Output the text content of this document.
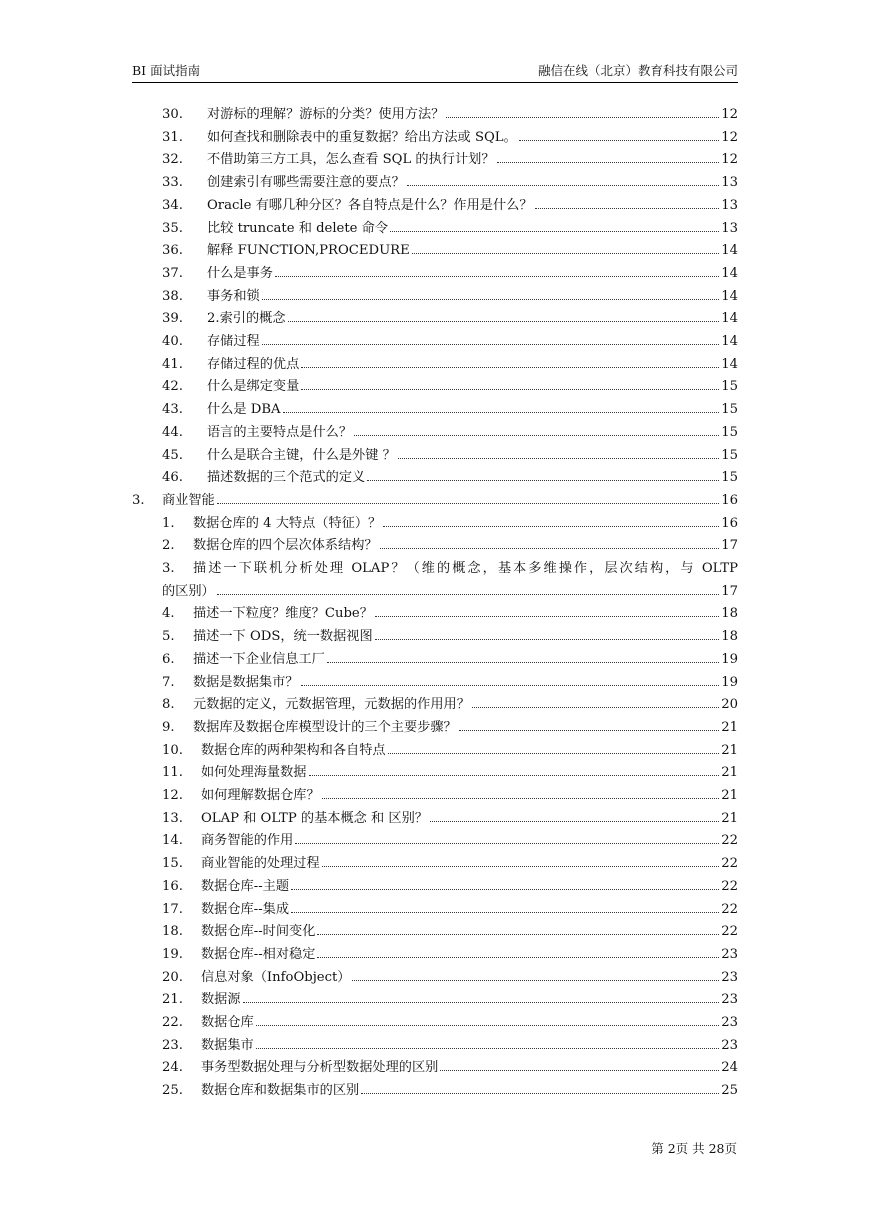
BI 面试指南	融信在线（北京）教育科技有限公司
30.	对游标的理解？游标的分类？使用方法？	12
31.	如何查找和删除表中的重复数据？给出方法或 SQL。	12
32.	不借助第三方工具，怎么查看 SQL 的执行计划？	12
33.	创建索引有哪些需要注意的要点？	13
34.	Oracle 有哪几种分区？各自特点是什么？作用是什么？	13
35.	比较 truncate 和 delete 命令	13
36.	解释 FUNCTION,PROCEDURE	14
37.	什么是事务	14
38.	事务和锁	14
39.	2.索引的概念	14
40.	存储过程	14
41.	存储过程的优点	14
42.	什么是绑定变量	15
43.	什么是 DBA	15
44.	语言的主要特点是什么？	15
45.	什么是联合主键，什么是外键 ？	15
46.	描述数据的三个范式的定义	15
3.	商业智能	16
1.	数据仓库的 4 大特点（特征）？	16
2.	数据仓库的四个层次体系结构？	17
3.	描述一下联机分析处理 OLAP？（维的概念，基本多维操作，层次结构，与 OLTP
的区别）	17
4.	描述一下粒度？维度？Cube？	18
5.	描述一下 ODS，统一数据视图	18
6.	描述一下企业信息工厂	19
7.	数据是数据集市？	19
8.	元数据的定义，元数据管理，元数据的作用用？	20
9.	数据库及数据仓库模型设计的三个主要步骤？	21
10.	数据仓库的两种架构和各自特点	21
11.	如何处理海量数据	21
12.	如何理解数据仓库？	21
13.	OLAP 和 OLTP 的基本概念 和 区别？	21
14.	商务智能的作用	22
15.	商业智能的处理过程	22
16.	数据仓库--主题	22
17.	数据仓库--集成	22
18.	数据仓库--时间变化	22
19.	数据仓库--相对稳定	23
20.	信息对象（InfoObject）	23
21.	数据源	23
22.	数据仓库	23
23.	数据集市	23
24.	事务型数据处理与分析型数据处理的区别	24
25.	数据仓库和数据集市的区别	25
第 2页 共 28页
